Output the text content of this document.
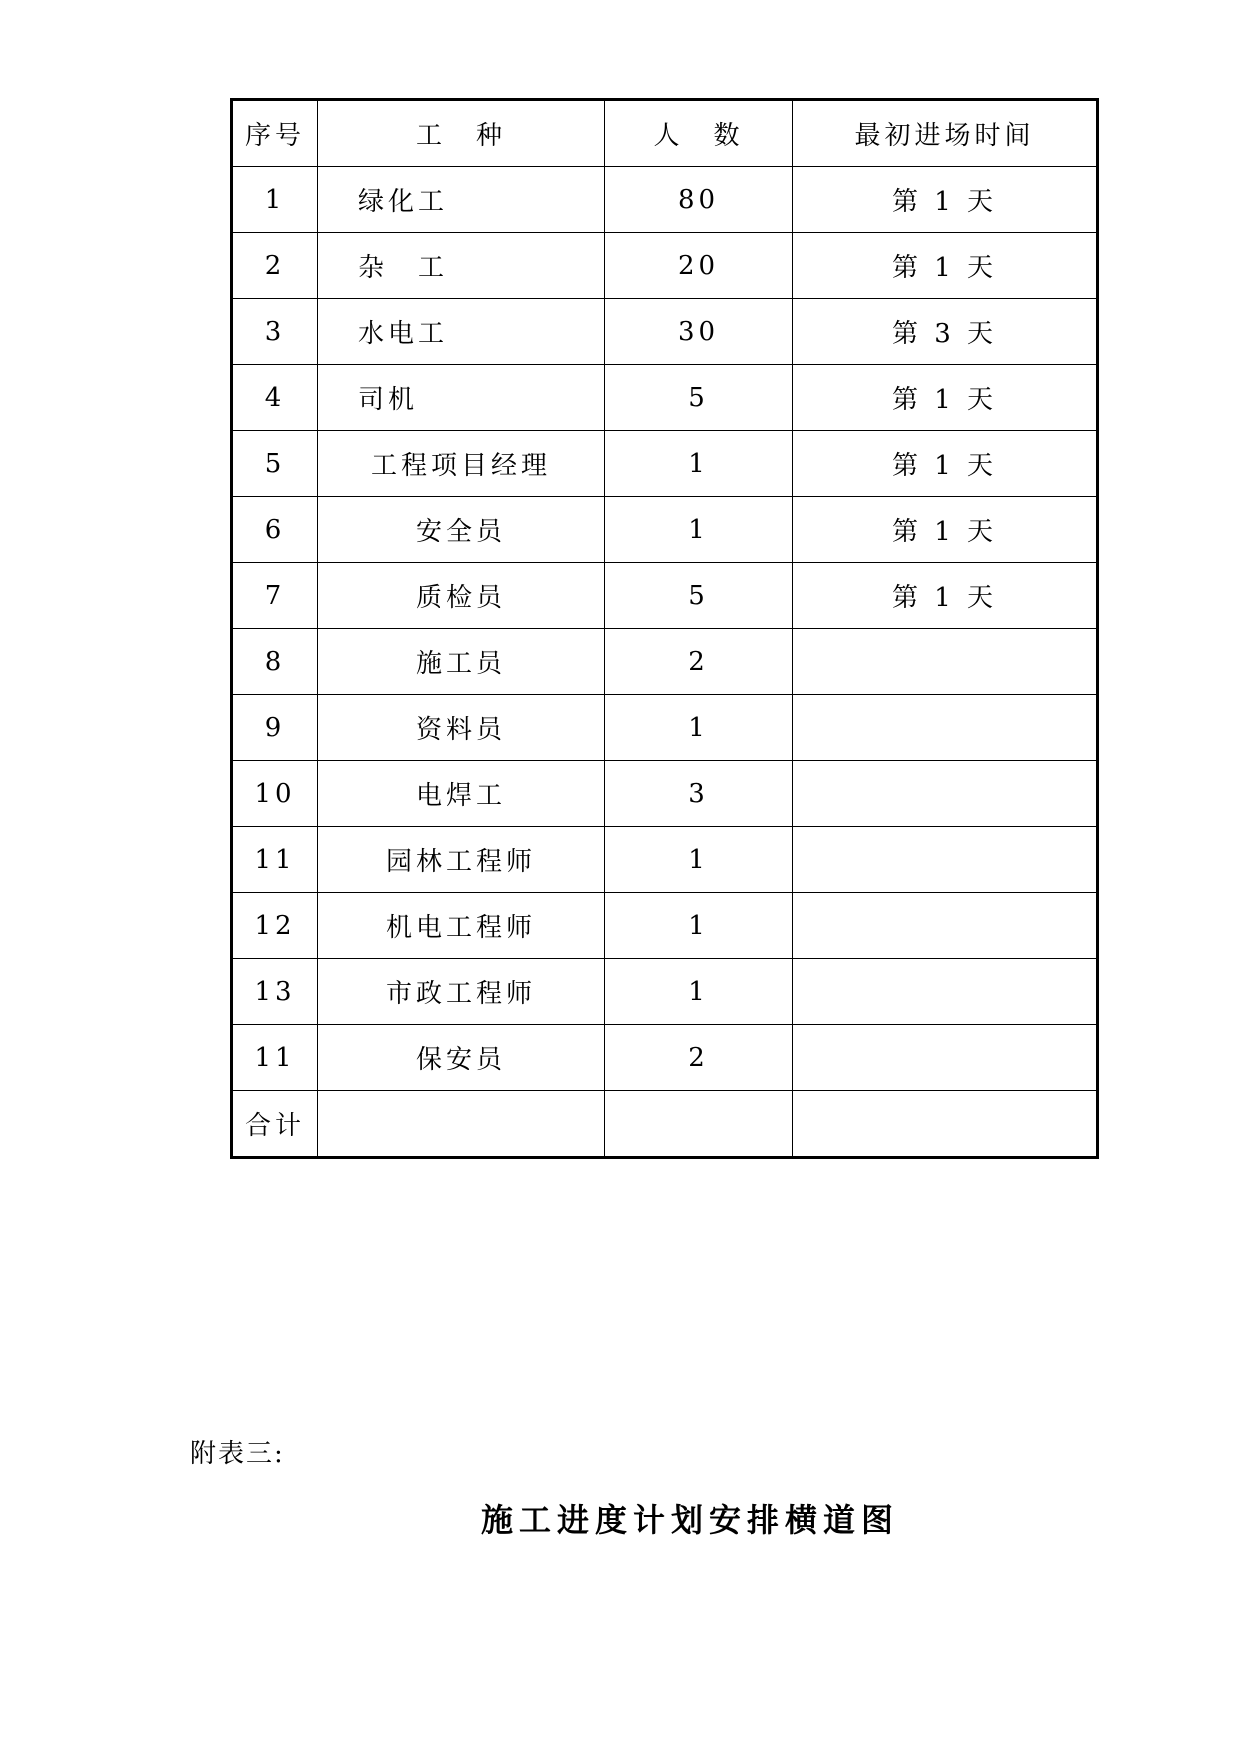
序号	工　种	人　数	最初进场时间
1	绿化工	80	第 1 天
2	杂　工	20	第 1 天
3	水电工	30	第 3 天
4	司机	5	第 1 天
5	工程项目经理	1	第 1 天
6	安全员	1	第 1 天
7	质检员	5	第 1 天
8	施工员	2	
9	资料员	1	
10	电焊工	3	
11	园林工程师	1	
12	机电工程师	1	
13	市政工程师	1	
11	保安员	2	
合计			
附表三:
施工进度计划安排横道图
